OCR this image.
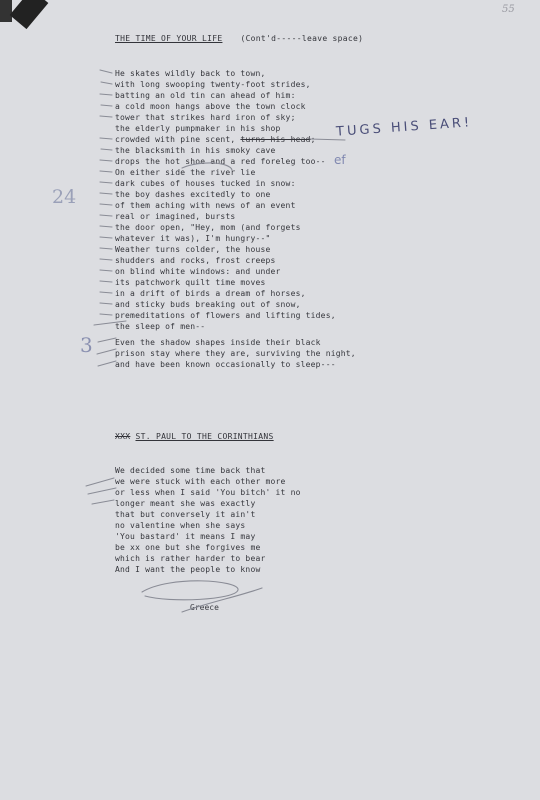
55
THE TIME OF YOUR LIFE (Cont'd-----leave space)
He skates wildly back to town,
with long swooping twenty-foot strides,
batting an old tin can ahead of him:
a cold moon hangs above the town clock
tower that strikes hard iron of sky;
the elderly pumpmaker in his shop
crowded with pine scent, turns his head;
the blacksmith in his smoky cave
drops the hot shoe and a red foreleg too--
On either side the river lie
dark cubes of houses tucked in snow:
the boy dashes excitedly to one
of them aching with news of an event
real or imagined, bursts
the door open, "Hey, mom (and forgets
whatever it was), I'm hungry--"
Weather turns colder, the house
shudders and rocks, frost creeps
on blind white windows: and under
its patchwork quilt time moves
in a drift of birds a dream of horses,
and sticky buds breaking out of snow,
premeditations of flowers and lifting tides,
the sleep of men--
Even the shadow shapes inside their black
prison stay where they are, surviving the night,
and have been known occasionally to sleep---
XXX ST. PAUL TO THE CORINTHIANS
We decided some time back that
we were stuck with each other more
or less when I said 'You bitch' it no
longer meant she was exactly
that but conversely it ain't
no valentine when she says
'You bastard' it means I may
be xx one but she forgives me
which is rather harder to bear
And I want the people to know
Greece
TUGS HIS EAR!
ef
24
3
